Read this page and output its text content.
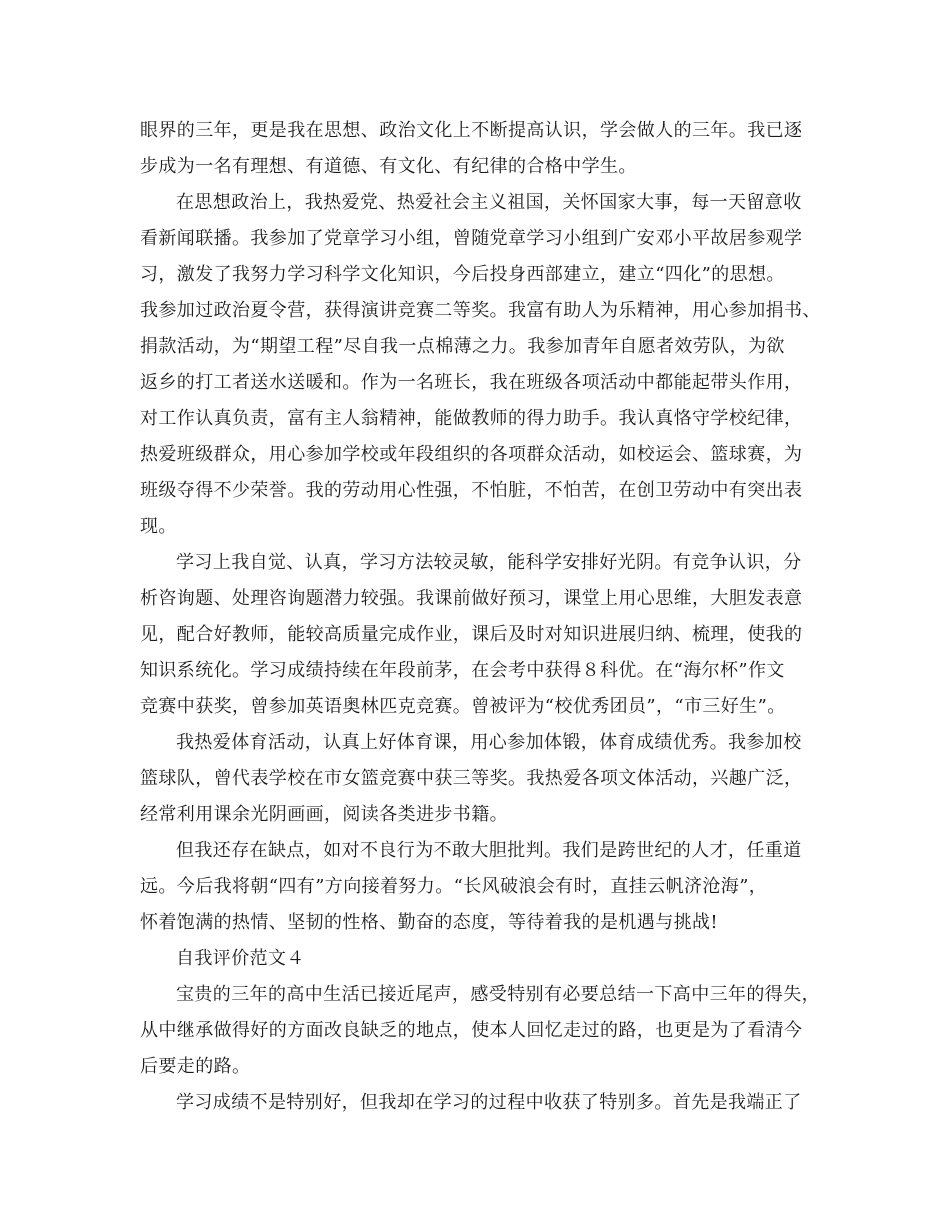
眼界的三年，更是我在思想、政治文化上不断提高认识，学会做人的三年。我已逐
步成为一名有理想、有道德、有文化、有纪律的合格中学生。
在思想政治上，我热爱党、热爱社会主义祖国，关怀国家大事，每一天留意收
看新闻联播。我参加了党章学习小组，曾随党章学习小组到广安邓小平故居参观学
习，激发了我努力学习科学文化知识，今后投身西部建立，建立“四化”的思想。
我参加过政治夏令营，获得演讲竞赛二等奖。我富有助人为乐精神，用心参加捐书、
捐款活动，为“期望工程”尽自我一点棉薄之力。我参加青年自愿者效劳队，为欲
返乡的打工者送水送暖和。作为一名班长，我在班级各项活动中都能起带头作用，
对工作认真负责，富有主人翁精神，能做教师的得力助手。我认真恪守学校纪律，
热爱班级群众，用心参加学校或年段组织的各项群众活动，如校运会、篮球赛，为
班级夺得不少荣誉。我的劳动用心性强，不怕脏，不怕苦，在创卫劳动中有突出表
现。
学习上我自觉、认真，学习方法较灵敏，能科学安排好光阴。有竞争认识，分
析咨询题、处理咨询题潜力较强。我课前做好预习，课堂上用心思维，大胆发表意
见，配合好教师，能较高质量完成作业，课后及时对知识进展归纳、梳理，使我的
知识系统化。学习成绩持续在年段前茅，在会考中获得８科优。在“海尔杯”作文
竞赛中获奖，曾参加英语奥林匹克竞赛。曾被评为“校优秀团员”，“市三好生”。
我热爱体育活动，认真上好体育课，用心参加体锻，体育成绩优秀。我参加校
篮球队，曾代表学校在市女篮竞赛中获三等奖。我热爱各项文体活动，兴趣广泛，
经常利用课余光阴画画，阅读各类进步书籍。
但我还存在缺点，如对不良行为不敢大胆批判。我们是跨世纪的人才，任重道
远。今后我将朝“四有”方向接着努力。“长风破浪会有时，直挂云帆济沧海”，
怀着饱满的热情、坚韧的性格、勤奋的态度，等待着我的是机遇与挑战!
自我评价范文４
宝贵的三年的高中生活已接近尾声，感受特别有必要总结一下高中三年的得失，
从中继承做得好的方面改良缺乏的地点，使本人回忆走过的路，也更是为了看清今
后要走的路。
学习成绩不是特别好，但我却在学习的过程中收获了特别多。首先是我端正了
